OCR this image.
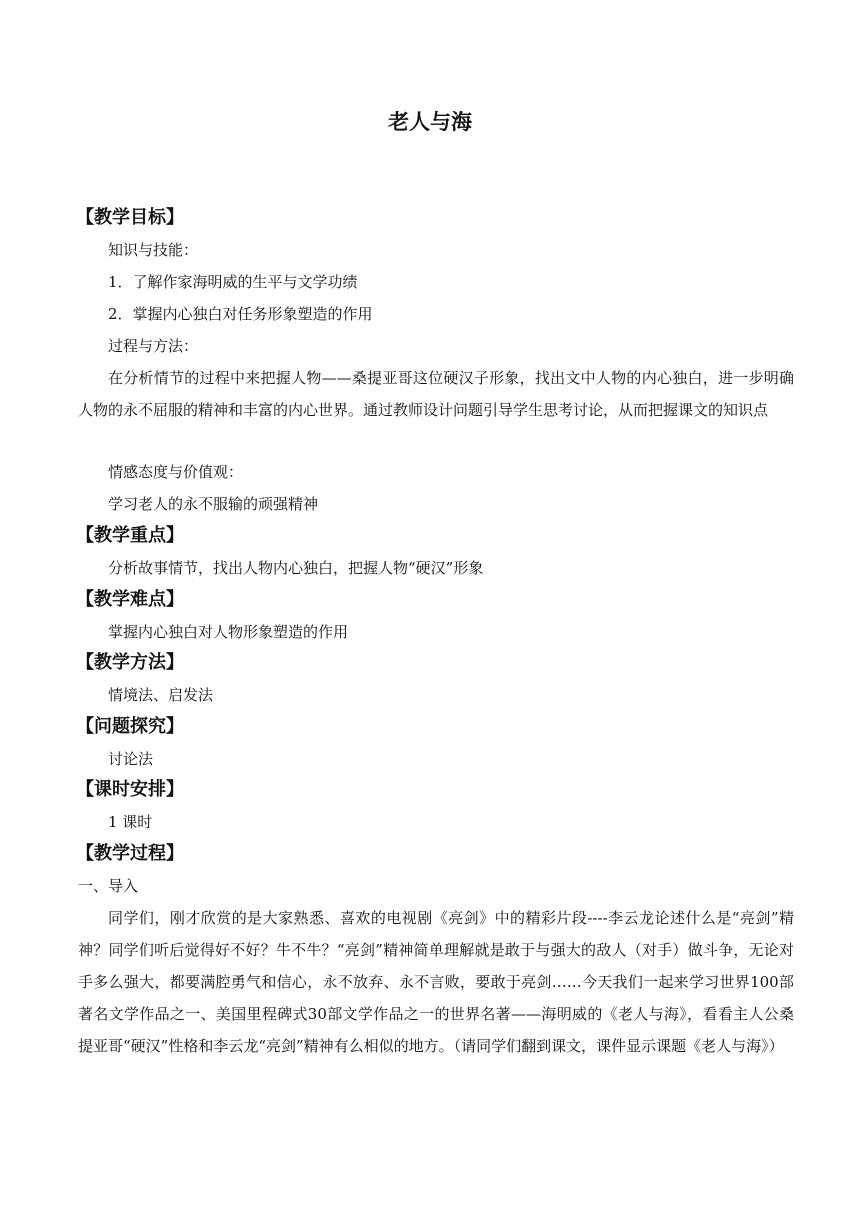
老人与海
【教学目标】
知识与技能：
1．了解作家海明威的生平与文学功绩
2．掌握内心独白对任务形象塑造的作用
过程与方法：
在分析情节的过程中来把握人物——桑提亚哥这位硬汉子形象，找出文中人物的内心独白，进一步明确人物的永不屈服的精神和丰富的内心世界。通过教师设计问题引导学生思考讨论，从而把握课文的知识点
情感态度与价值观：
学习老人的永不服输的顽强精神
【教学重点】
分析故事情节，找出人物内心独白，把握人物“硬汉”形象
【教学难点】
掌握内心独白对人物形象塑造的作用
【教学方法】
情境法、启发法
【问题探究】
讨论法
【课时安排】
1 课时
【教学过程】
一、导入
同学们，刚才欣赏的是大家熟悉、喜欢的电视剧《亮剑》中的精彩片段----李云龙论述什么是“亮剑”精神？同学们听后觉得好不好？牛不牛？“亮剑”精神简单理解就是敢于与强大的敌人（对手）做斗争，无论对手多么强大，都要满腔勇气和信心，永不放弃、永不言败，要敢于亮剑……今天我们一起来学习世界100部著名文学作品之一、美国里程碑式30部文学作品之一的世界名著——海明威的《老人与海》，看看主人公桑提亚哥“硬汉”性格和李云龙“亮剑”精神有么相似的地方。（请同学们翻到课文，课件显示课题《老人与海》）
